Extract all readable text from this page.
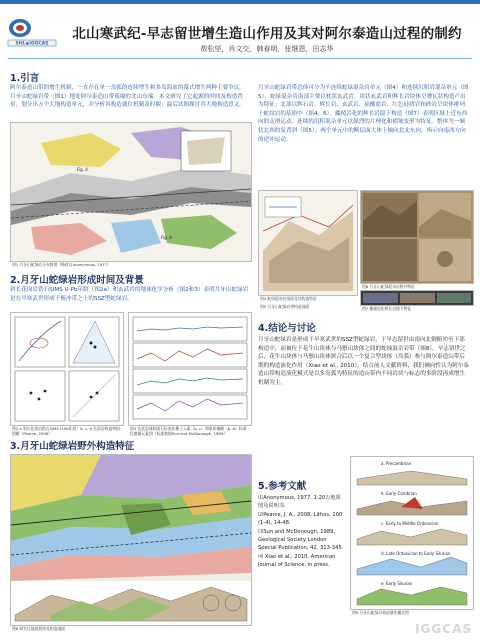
SHL◉IGGCAS
北山寒武纪-早志留世增生造山作用及其对阿尔泰造山过程的制约
敖松坚，肖文交，韩春明，张继恩，田志华
1.引言

阿尔泰造山带的增生机制，一直存在单一岛弧的连续增生和多岛海盆的幕式增生两种主要争议。月牙山蛇绿岩带（图1）地处阿尔泰造山带南缘的北山东端。本文研究了它起源的时间及构造背景，划分出五个大地构造单元，并分析其构造就位机制及时限；最后试图探讨其大地构造意义。

Fig. 8
Fig. 4
图1 月牙山蛇绿岩分布简图（修改自Anonymous, 1977）
2.月牙山蛇绿岩形成时间及背景

斜长花岗岩锆石SIMS U-Pb年龄（图2a）和玄武岩的地球化学分析（图2和3）表明月牙山蛇绿岩是在早寒武世形成于俯冲带之上的SSZ型蛇绿岩。

图2 a 斜长花岗岩锆石SIMS U-Pb年龄；b, c, d 玄武岩构造判别图解（Pearce, 2008）
图3 玄武岩球粒陨石标准化稀土元素（a, c）和原始地幔（b, d）标准化微量元素图（标准数据Sun and McDonough, 1989）
3.月牙山蛇绿岩野外构造特征
图8 研究区地质简图及构造剖面

月牙山蛇绿岩带总体可分为不连续蛇绿混杂岩单元（图4）和连续沉积岩混杂单元（图5），蛇绿混杂岩南部主要以枕状玄武岩、块状玄武岩和辉长岩块体呈叠瓦状构造产出为特征；北部以辉石岩、辉长岩、玄武岩、硅酸盐岩、红色硅质岩和砂岩呈块体排列于蛇纹岩的基质中（图4，6）。麋棱岩化的辉长岩镜下构造（图7）表明区域上近东西向的走滑运动。连续的沉积混杂单元以强烈的片理化和褶皱变形为特征。整体为一倾状北西的复背斜（图5）。两个单元中的断层面大体上倾向北北东向，指示向南西方向的逆冲运动。

图4 蛇绿混杂岩剖面及其构造特征
图6 月牙山蛇绿混杂岩野外特征
图7 麋棱岩化辉长岩镜下特征
图5 月牙山蛇绿岩带构造剖面
4.结论与讨论

月牙山蛇绿岩是形成于早寒武世的SSZ型蛇绿岩，于早志留世由南向北倒俯冲至下部构造中，而被位于花牛山块体与马鬃山块体之间的蛇绿混杂岩带（图8）。早志留世之后，花牛山块体与马鬃山块体拼合后以一个复合型块体（岛弧）参与阿尔泰造山带后期的构造演化作用（Xiao et al., 2010）。结合前人文献资料，我们倾向性认为阿尔泰造山带构造演化模式是以多岛弧为特征的造山带内不同岩块与标志的多阶段再成增生机制为主。

5.参考文献
⑴Anonymous, 1977. 1:20万地质图及说明书.
⑵Pearce, J. A., 2008, Lithos, 100 (1-4), 14-48.
⑶Sun and McDonough, 1989, Geological Society London Special Publication, 42, 313-345.
⑷ Xiao et al., 2010, American Journal of Science, in press.
a. Precambrian
b. Early Cambrian
c. Early to Middle Ordovician
d. Late Ordovician to Early Silurian
e. Early Silurian
图9 月牙山蛇绿岩构造演化模式图
IGGCAS
